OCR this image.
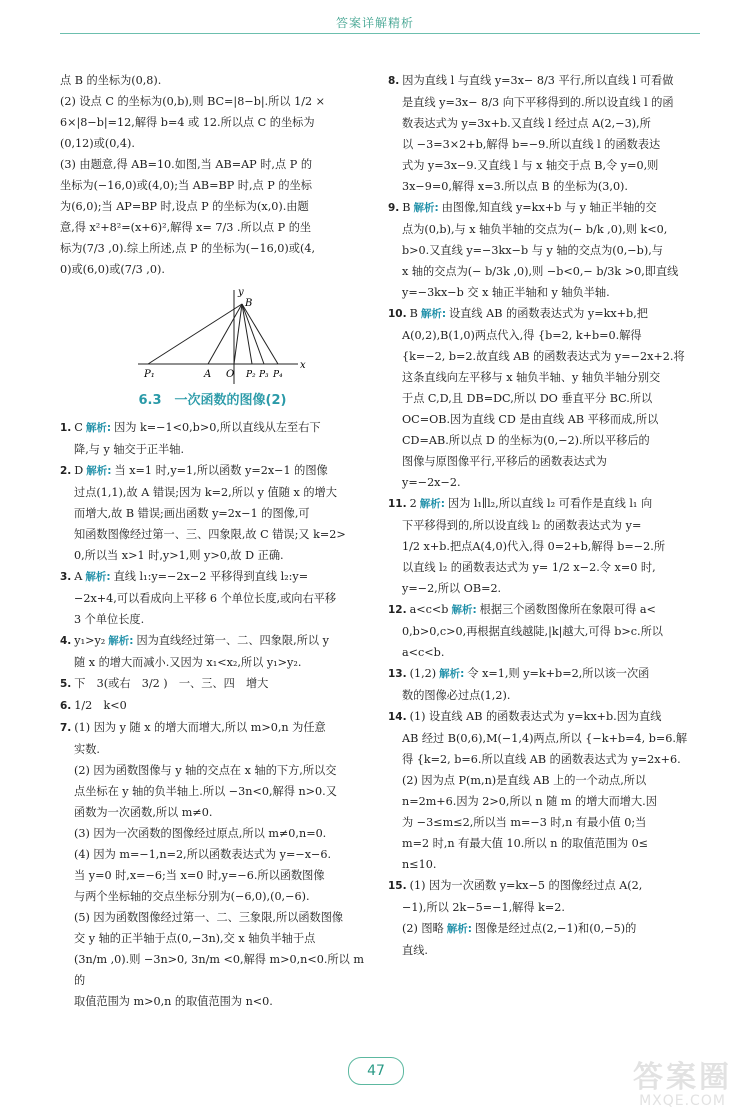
答案详解精析

点 B 的坐标为(0,8).

(2) 设点 C 的坐标为(0,b),则 BC=|8−b|.所以 1/2 ×

6×|8−b|=12,解得 b=4 或 12.所以点 C 的坐标为

(0,12)或(0,4).

(3) 由题意,得 AB=10.如图,当 AB=AP 时,点 P 的

坐标为(−16,0)或(4,0);当 AB=BP 时,点 P 的坐标

为(6,0);当 AP=BP 时,设点 P 的坐标为(x,0).由题

意,得 x²+8²=(x+6)²,解得 x= 7/3 .所以点 P 的坐

标为(7/3 ,0).综上所述,点 P 的坐标为(−16,0)或(4,

0)或(6,0)或(7/3 ,0).

y
B
P₁	A O P₂ P₃ P₄
x
6.3　一次函数的图像(2)

1. C 解析: 因为 k=−1<0,b>0,所以直线从左至右下

降,与 y 轴交于正半轴.

2. D 解析: 当 x=1 时,y=1,所以函数 y=2x−1 的图像

过点(1,1),故 A 错误;因为 k=2,所以 y 值随 x 的增大

而增大,故 B 错误;画出函数 y=2x−1 的图像,可

知函数图像经过第一、三、四象限,故 C 错误;又 k=2>

0,所以当 x>1 时,y>1,则 y>0,故 D 正确.

3. A 解析: 直线 l₁:y=−2x−2 平移得到直线 l₂:y=

−2x+4,可以看成向上平移 6 个单位长度,或向右平移

3 个单位长度.

4. y₁>y₂ 解析: 因为直线经过第一、二、四象限,所以 y

随 x 的增大而减小.又因为 x₁<x₂,所以 y₁>y₂.

5. 下　3(或右　3/2 )　一、三、四　增大

6. 1/2　k<0

7. (1) 因为 y 随 x 的增大而增大,所以 m>0,n 为任意

实数.

(2) 因为函数图像与 y 轴的交点在 x 轴的下方,所以交

点坐标在 y 轴的负半轴上.所以 −3n<0,解得 n>0.又

函数为一次函数,所以 m≠0.

(3) 因为一次函数的图像经过原点,所以 m≠0,n=0.

(4) 因为 m=−1,n=2,所以函数表达式为 y=−x−6.

当 y=0 时,x=−6;当 x=0 时,y=−6.所以函数图像

与两个坐标轴的交点坐标分别为(−6,0),(0,−6).

(5) 因为函数图像经过第一、二、三象限,所以函数图像

交 y 轴的正半轴于点(0,−3n),交 x 轴负半轴于点

(3n/m ,0).则 −3n>0, 3n/m <0,解得 m>0,n<0.所以 m 的

取值范围为 m>0,n 的取值范围为 n<0.

8. 因为直线 l 与直线 y=3x− 8/3 平行,所以直线 l 可看做

是直线 y=3x− 8/3 向下平移得到的.所以设直线 l 的函

数表达式为 y=3x+b.又直线 l 经过点 A(2,−3),所

以 −3=3×2+b,解得 b=−9.所以直线 l 的函数表达

式为 y=3x−9.又直线 l 与 x 轴交于点 B,令 y=0,则

3x−9=0,解得 x=3.所以点 B 的坐标为(3,0).

9. B 解析: 由图像,知直线 y=kx+b 与 y 轴正半轴的交

点为(0,b),与 x 轴负半轴的交点为(− b/k ,0),则 k<0,

b>0.又直线 y=−3kx−b 与 y 轴的交点为(0,−b),与

x 轴的交点为(− b/3k ,0),则 −b<0,− b/3k >0,即直线

y=−3kx−b 交 x 轴正半轴和 y 轴负半轴.

10. B 解析: 设直线 AB 的函数表达式为 y=kx+b,把

A(0,2),B(1,0)两点代入,得 {b=2, k+b=0.解得

{k=−2, b=2.故直线 AB 的函数表达式为 y=−2x+2.将

这条直线向左平移与 x 轴负半轴、y 轴负半轴分别交

于点 C,D,且 DB=DC,所以 DO 垂直平分 BC.所以

OC=OB.因为直线 CD 是由直线 AB 平移而成,所以

CD=AB.所以点 D 的坐标为(0,−2).所以平移后的

图像与原图像平行,平移后的函数表达式为

y=−2x−2.

11. 2 解析: 因为 l₁∥l₂,所以直线 l₂ 可看作是直线 l₁ 向

下平移得到的,所以设直线 l₂ 的函数表达式为 y=

1/2 x+b.把点A(4,0)代入,得 0=2+b,解得 b=−2.所

以直线 l₂ 的函数表达式为 y= 1/2 x−2.令 x=0 时,

y=−2,所以 OB=2.

12. a<c<b 解析: 根据三个函数图像所在象限可得 a<

0,b>0,c>0,再根据直线越陡,|k|越大,可得 b>c.所以

a<c<b.

13. (1,2) 解析: 令 x=1,则 y=k+b=2,所以该一次函

数的图像必过点(1,2).

14. (1) 设直线 AB 的函数表达式为 y=kx+b.因为直线

AB 经过 B(0,6),M(−1,4)两点,所以 {−k+b=4, b=6.解

得 {k=2, b=6.所以直线 AB 的函数表达式为 y=2x+6.

(2) 因为点 P(m,n)是直线 AB 上的一个动点,所以

n=2m+6.因为 2>0,所以 n 随 m 的增大而增大.因

为 −3≤m≤2,所以当 m=−3 时,n 有最小值 0;当

m=2 时,n 有最大值 10.所以 n 的取值范围为 0≤

n≤10.

15. (1) 因为一次函数 y=kx−5 的图像经过点 A(2,

−1),所以 2k−5=−1,解得 k=2.

(2) 图略 解析: 图像是经过点(2,−1)和(0,−5)的

直线.

47	答案圈
MXQE.COM
